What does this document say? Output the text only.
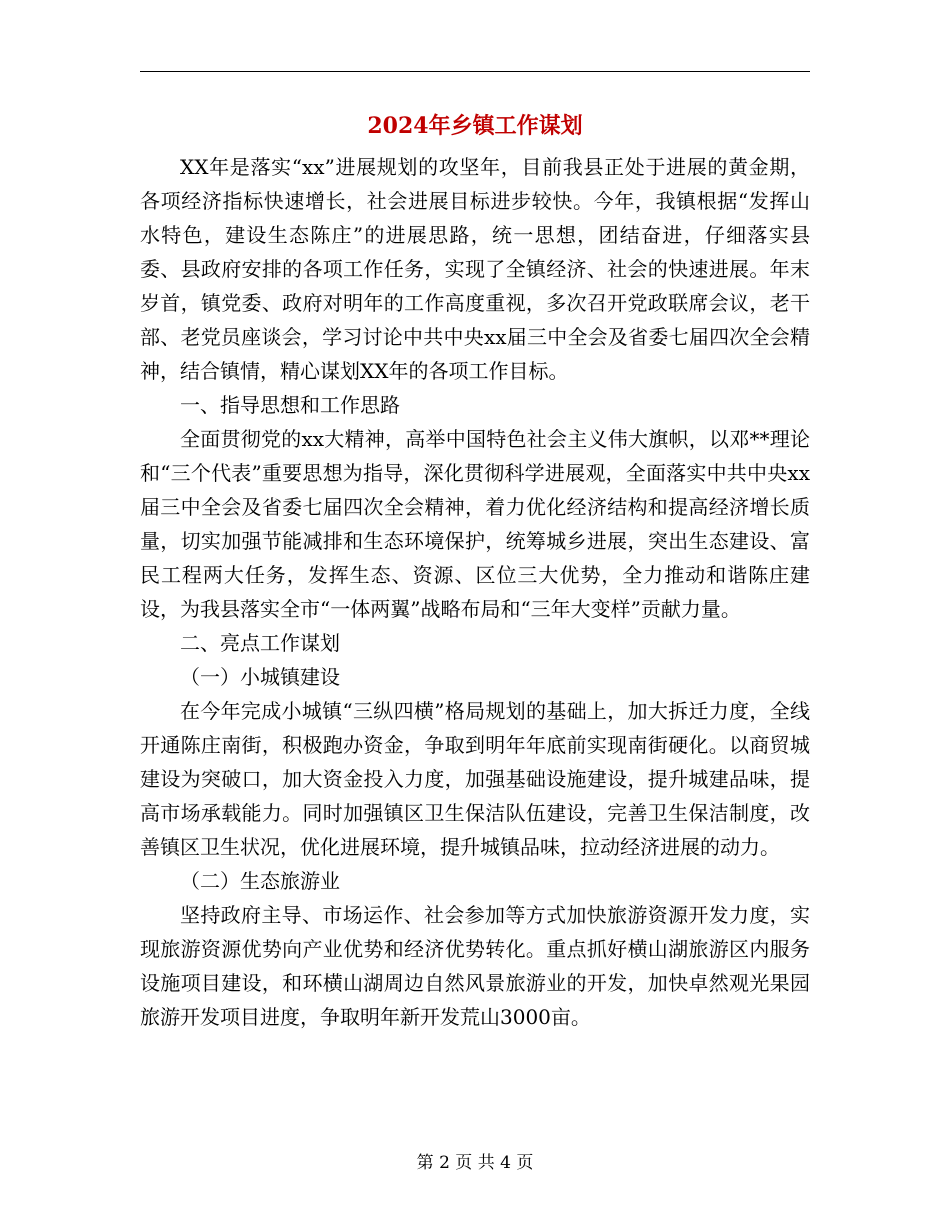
2024年乡镇工作谋划

XX年是落实“xx”进展规划的攻坚年，目前我县正处于进展的黄金期，各项经济指标快速增长，社会进展目标进步较快。今年，我镇根据“发挥山水特色，建设生态陈庄”的进展思路，统一思想，团结奋进，仔细落实县委、县政府安排的各项工作任务，实现了全镇经济、社会的快速进展。年末岁首，镇党委、政府对明年的工作高度重视，多次召开党政联席会议，老干部、老党员座谈会，学习讨论中共中央xx届三中全会及省委七届四次全会精神，结合镇情，精心谋划XX年的各项工作目标。

一、指导思想和工作思路

全面贯彻党的xx大精神，高举中国特色社会主义伟大旗帜，以邓**理论和“三个代表”重要思想为指导，深化贯彻科学进展观，全面落实中共中央xx届三中全会及省委七届四次全会精神，着力优化经济结构和提高经济增长质量，切实加强节能减排和生态环境保护，统筹城乡进展，突出生态建设、富民工程两大任务，发挥生态、资源、区位三大优势，全力推动和谐陈庄建设，为我县落实全市“一体两翼”战略布局和“三年大变样”贡献力量。

二、亮点工作谋划

（一）小城镇建设

在今年完成小城镇“三纵四横”格局规划的基础上，加大拆迁力度，全线开通陈庄南街，积极跑办资金，争取到明年年底前实现南街硬化。以商贸城建设为突破口，加大资金投入力度，加强基础设施建设，提升城建品味，提高市场承载能力。同时加强镇区卫生保洁队伍建设，完善卫生保洁制度，改善镇区卫生状况，优化进展环境，提升城镇品味，拉动经济进展的动力。

（二）生态旅游业

坚持政府主导、市场运作、社会参加等方式加快旅游资源开发力度，实现旅游资源优势向产业优势和经济优势转化。重点抓好横山湖旅游区内服务设施项目建设，和环横山湖周边自然风景旅游业的开发，加快卓然观光果园旅游开发项目进度，争取明年新开发荒山3000亩。

第 2 页 共 4 页
